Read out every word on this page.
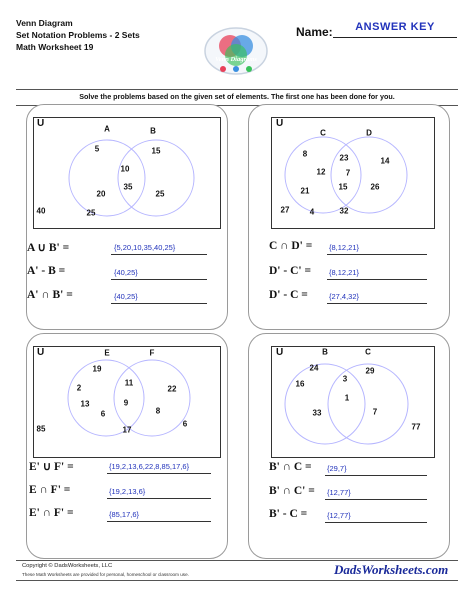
Venn Diagram
Set Notation Problems - 2 Sets
Math Worksheet 19
Venn Diagrams
Name:	ANSWER KEY
Solve the problems based on the given set of elements. The first one has been done for you.
U	A	B
5	15
10
20
35
25
40	25
A ∪ B' =	{5,20,10,35,40,25}
A' - B =	{40,25}
A' ∩ B' =	{40,25}
U
C	D
8	23	14
12	7
21	15	26
27	4	32
C ∩ D' = {8,12,21}
D' - C' = {8,12,21}
D' - C =	{27,4,32}
U	E	F
19
2
11
22
13
6
9
8
6
85	17
E' ∪ F' =	{19,2,13,6,22,8,85,17,6}
E ∩ F' =	{19,2,13,6}
E' ∩ F' =	{85,17,6}
U	B	C
24	29
3
16
1
33	7
77
B' ∩ C = {29,7}
B' ∩ C' = {12,77}
B' - C =	{12,77}
Copyright © DadsWorksheets, LLC
These Math Worksheets are provided for personal, homeschool or classroom use.	DadsWorksheets.com
